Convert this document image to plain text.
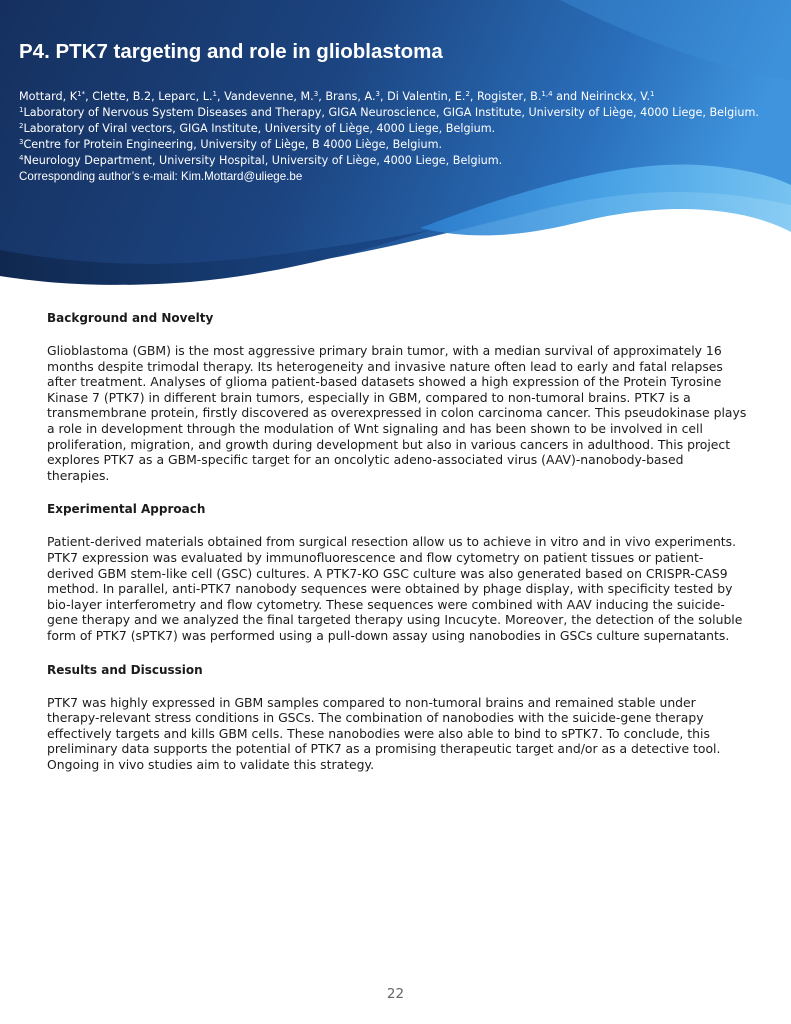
P4. PTK7 targeting and role in glioblastoma
Mottard, $K^{1*}$, Clette, B.2, Leparc, L.$^1$, Vandevenne, M.$^3$, Brans, A.$^3$, Di Valentin, E.$^2$, Rogister, B.$^{1,4}$ and Neirinckx, V.$^1$
$^1$Laboratory of Nervous System Diseases and Therapy, GIGA Neuroscience, GIGA Institute, University of Liège, 4000 Liege, Belgium.
$^2$Laboratory of Viral vectors, GIGA Institute, University of Liège, 4000 Liege, Belgium.
$^3$Centre for Protein Engineering, University of Liège, B 4000 Liège, Belgium.
$^4$Neurology Department, University Hospital, University of Liège, 4000 Liege, Belgium.
Corresponding author’s e-mail: Kim.Mottard@uliege.be
Background and Novelty

Glioblastoma (GBM) is the most aggressive primary brain tumor, with a median survival of approximately 16 months despite trimodal therapy. Its heterogeneity and invasive nature often lead to early and fatal relapses after treatment. Analyses of glioma patient-based datasets showed a high expression of the Protein Tyrosine Kinase 7 (PTK7) in different brain tumors, especially in GBM, compared to non-tumoral brains. PTK7 is a transmembrane protein, firstly discovered as overexpressed in colon carcinoma cancer. This pseudokinase plays a role in development through the modulation of Wnt signaling and has been shown to be involved in cell proliferation, migration, and growth during development but also in various cancers in adulthood. This project explores PTK7 as a GBM-specific target for an oncolytic adeno-associated virus (AAV)-nanobody-based therapies.

Experimental Approach

Patient-derived materials obtained from surgical resection allow us to achieve in vitro and in vivo experiments. PTK7 expression was evaluated by immunofluorescence and flow cytometry on patient tissues or patient-derived GBM stem-like cell (GSC) cultures. A PTK7-KO GSC culture was also generated based on CRISPR-CAS9 method. In parallel, anti-PTK7 nanobody sequences were obtained by phage display, with specificity tested by bio-layer interferometry and flow cytometry. These sequences were combined with AAV inducing the suicide-gene therapy and we analyzed the final targeted therapy using Incucyte. Moreover, the detection of the soluble form of PTK7 (sPTK7) was performed using a pull-down assay using nanobodies in GSCs culture supernatants.

Results and Discussion

PTK7 was highly expressed in GBM samples compared to non-tumoral brains and remained stable under therapy-relevant stress conditions in GSCs. The combination of nanobodies with the suicide-gene therapy effectively targets and kills GBM cells. These nanobodies were also able to bind to sPTK7. To conclude, this preliminary data supports the potential of PTK7 as a promising therapeutic target and/or as a detective tool. Ongoing in vivo studies aim to validate this strategy.

22
